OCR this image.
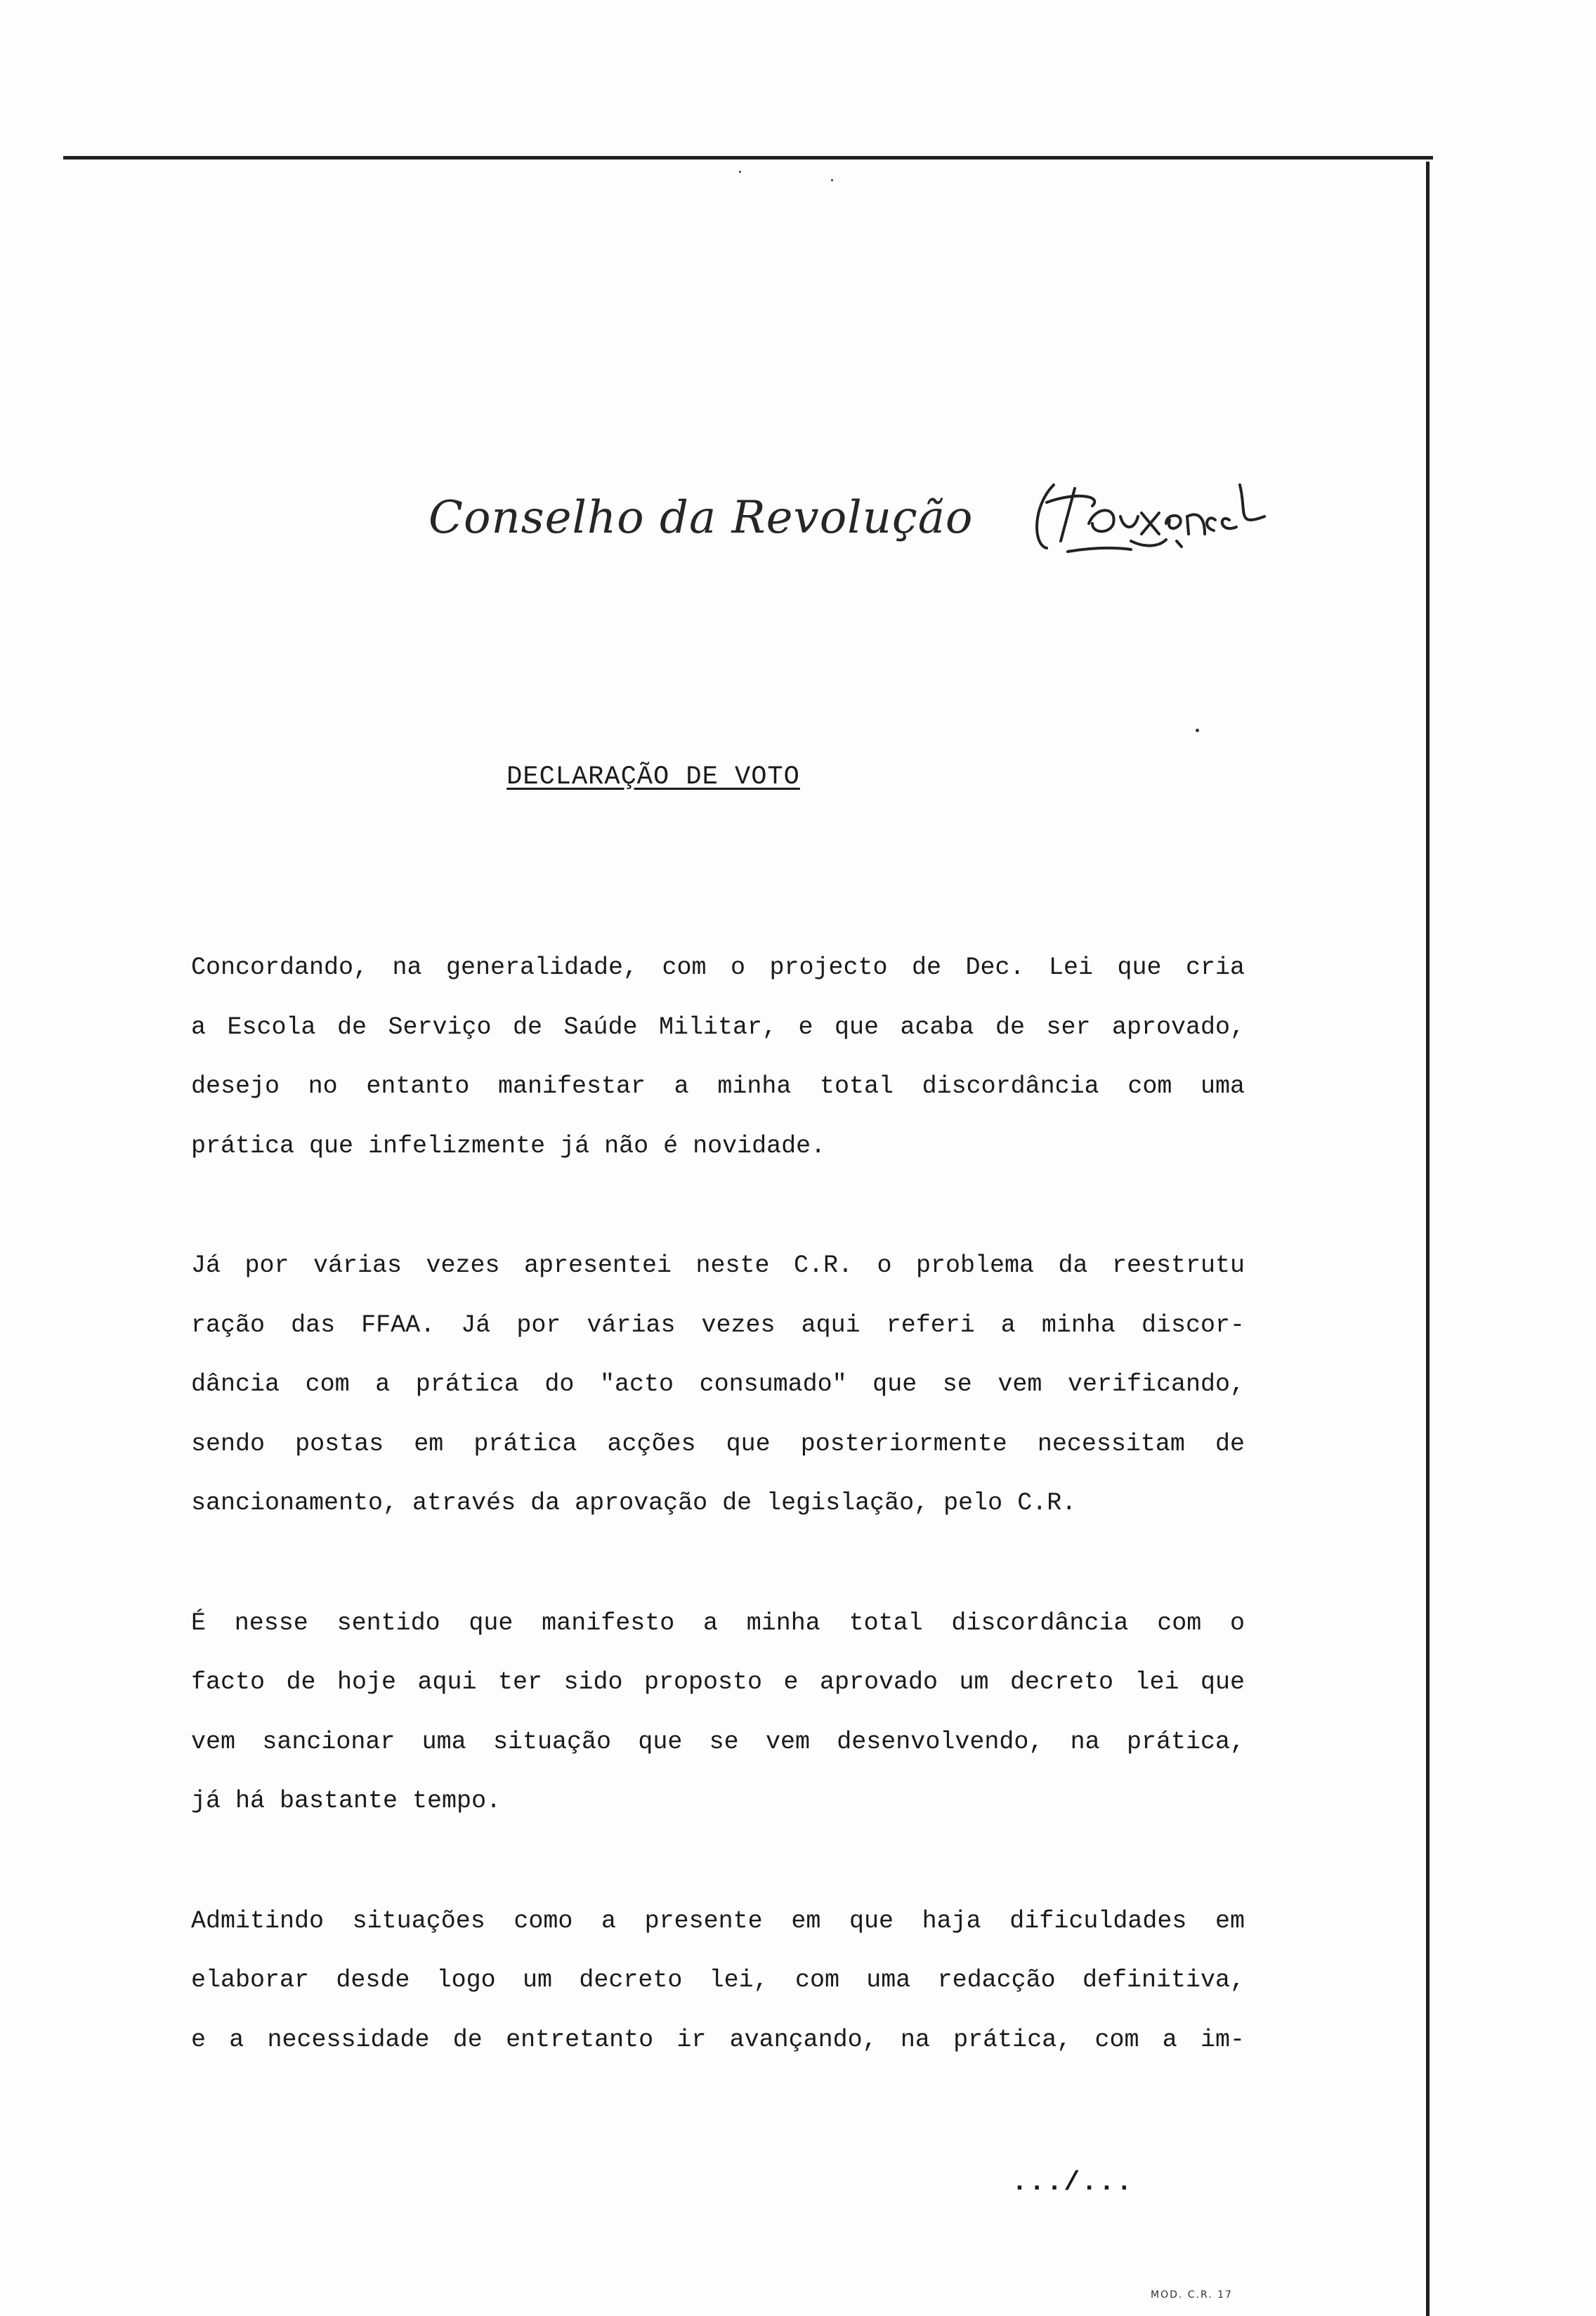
Conselho da Revolução
DECLARAÇÃO DE VOTO
Concordando, na generalidade, com o projecto de Dec. Lei que cria
a Escola de Serviço de Saúde Militar, e que acaba de ser aprovado,
desejo no entanto manifestar a minha total discordância com uma
prática que infelizmente já não é novidade.
Já por várias vezes apresentei neste C.R. o problema da reestrutu
ração das FFAA. Já por várias vezes aqui referi a minha discor-
dância com a prática do "acto consumado" que se vem verificando,
sendo postas em prática acções que posteriormente necessitam de
sancionamento, através da aprovação de legislação, pelo C.R.
É nesse sentido que manifesto a minha total discordância com o
facto de hoje aqui ter sido proposto e aprovado um decreto lei que
vem sancionar uma situação que se vem desenvolvendo, na prática,
já há bastante tempo.
Admitindo situações como a presente em que haja dificuldades em
elaborar desde logo um decreto lei, com uma redacção definitiva,
e a necessidade de entretanto ir avançando, na prática, com a im-
.../...
MOD. C.R. 17
